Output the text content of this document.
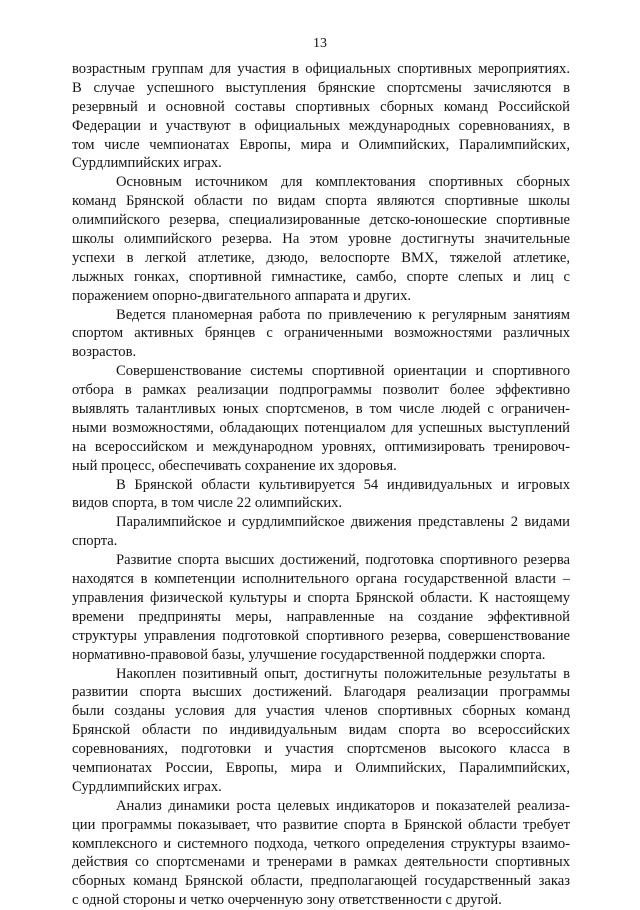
13
возрастным группам для участия в официальных спортивных мероприятиях.
В случае успешного выступления брянские спортсмены зачисляются в
резервный и основной составы спортивных сборных команд Российской
Федерации и участвуют в официальных международных соревнованиях, в
том числе чемпионатах Европы, мира и Олимпийских, Паралимпийских,
Сурдлимпийских играх.
Основным источником для комплектования спортивных сборных
команд Брянской области по видам спорта являются спортивные школы
олимпийского резерва, специализированные детско-юношеские спортивные
школы олимпийского резерва. На этом уровне достигнуты значительные
успехи в легкой атлетике, дзюдо, велоспорте ВМХ, тяжелой атлетике,
лыжных гонках, спортивной гимнастике, самбо, спорте слепых и лиц с
поражением опорно-двигательного аппарата и других.
Ведется планомерная работа по привлечению к регулярным занятиям
спортом активных брянцев с ограниченными возможностями различных
возрастов.
Совершенствование системы спортивной ориентации и спортивного
отбора в рамках реализации подпрограммы позволит более эффективно
выявлять талантливых юных спортсменов, в том числе людей с ограничен-
ными возможностями, обладающих потенциалом для успешных выступлений
на всероссийском и международном уровнях, оптимизировать тренировоч-
ный процесс, обеспечивать сохранение их здоровья.
В Брянской области культивируется 54 индивидуальных и игровых
видов спорта, в том числе 22 олимпийских.
Паралимпийское и сурдлимпийское движения представлены 2 видами
спорта.
Развитие спорта высших достижений, подготовка спортивного резерва
находятся в компетенции исполнительного органа государственной власти –
управления физической культуры и спорта Брянской области. К настоящему
времени предприняты меры, направленные на создание эффективной
структуры управления подготовкой спортивного резерва, совершенствование
нормативно-правовой базы, улучшение государственной поддержки спорта.
Накоплен позитивный опыт, достигнуты положительные результаты в
развитии спорта высших достижений. Благодаря реализации программы
были созданы условия для участия членов спортивных сборных команд
Брянской области по индивидуальным видам спорта во всероссийских
соревнованиях, подготовки и участия спортсменов высокого класса в
чемпионатах России, Европы, мира и Олимпийских, Паралимпийских,
Сурдлимпийских играх.
Анализ динамики роста целевых индикаторов и показателей реализа-
ции программы показывает, что развитие спорта в Брянской области требует
комплексного и системного подхода, четкого определения структуры взаимо-
действия со спортсменами и тренерами в рамках деятельности спортивных
сборных команд Брянской области, предполагающей государственный заказ
с одной стороны и четко очерченную зону ответственности с другой.
